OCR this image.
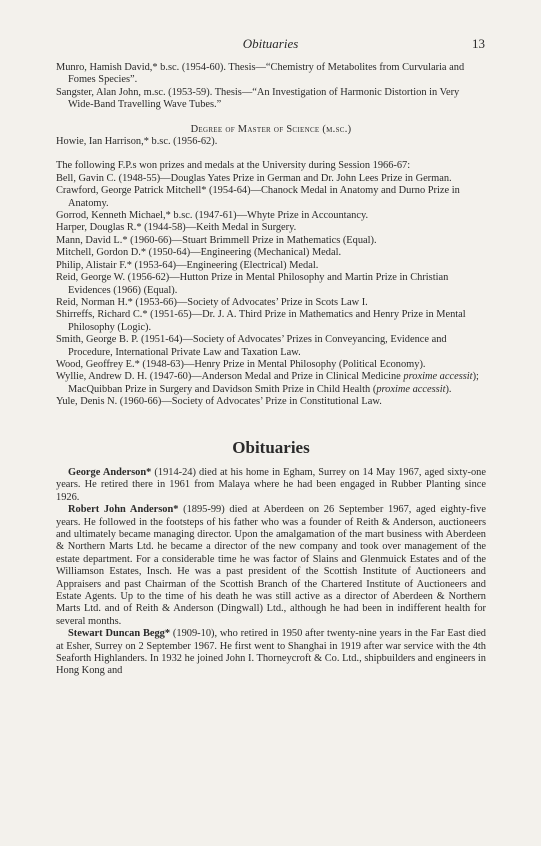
Obituaries	13

Munro, Hamish David,* b.sc. (1954-60). Thesis—“Chemistry of Metabolites from Curvularia and Fomes Species”.

Sangster, Alan John, m.sc. (1953-59). Thesis—“An Investigation of Harmonic Distortion in Very Wide-Band Travelling Wave Tubes.”

Degree of Master of Science (m.sc.)

Howie, Ian Harrison,* b.sc. (1956-62).

The following F.P.s won prizes and medals at the University during Session 1966-67:

Bell, Gavin C. (1948-55)—Douglas Yates Prize in German and Dr. John Lees Prize in German.

Crawford, George Patrick Mitchell* (1954-64)—Chanock Medal in Anatomy and Durno Prize in Anatomy.

Gorrod, Kenneth Michael,* b.sc. (1947-61)—Whyte Prize in Accountancy.

Harper, Douglas R.* (1944-58)—Keith Medal in Surgery.

Mann, David L.* (1960-66)—Stuart Brimmell Prize in Mathematics (Equal).

Mitchell, Gordon D.* (1950-64)—Engineering (Mechanical) Medal.

Philip, Alistair F.* (1953-64)—Engineering (Electrical) Medal.

Reid, George W. (1956-62)—Hutton Prize in Mental Philosophy and Martin Prize in Christian Evidences (1966) (Equal).

Reid, Norman H.* (1953-66)—Society of Advocates’ Prize in Scots Law I.

Shirreffs, Richard C.* (1951-65)—Dr. J. A. Third Prize in Mathematics and Henry Prize in Mental Philosophy (Logic).

Smith, George B. P. (1951-64)—Society of Advocates’ Prizes in Conveyancing, Evidence and Procedure, International Private Law and Taxation Law.

Wood, Geoffrey E.* (1948-63)—Henry Prize in Mental Philosophy (Political Economy).

Wyllie, Andrew D. H. (1947-60)—Anderson Medal and Prize in Clinical Medicine proxime accessit); MacQuibban Prize in Surgery and Davidson Smith Prize in Child Health (proxime accessit).

Yule, Denis N. (1960-66)—Society of Advocates’ Prize in Constitutional Law.

Obituaries

George Anderson* (1914-24) died at his home in Egham, Surrey on 14 May 1967, aged sixty-one years. He retired there in 1961 from Malaya where he had been engaged in Rubber Planting since 1926.

Robert John Anderson* (1895-99) died at Aberdeen on 26 September 1967, aged eighty-five years. He followed in the footsteps of his father who was a founder of Reith & Anderson, auctioneers and ultimately became managing director. Upon the amalgamation of the mart business with Aberdeen & Northern Marts Ltd. he became a director of the new company and took over management of the estate department. For a considerable time he was factor of Slains and Glenmuick Estates and of the Williamson Estates, Insch. He was a past president of the Scottish Institute of Auctioneers and Appraisers and past Chairman of the Scottish Branch of the Chartered Institute of Auctioneers and Estate Agents. Up to the time of his death he was still active as a director of Aberdeen & Northern Marts Ltd. and of Reith & Anderson (Dingwall) Ltd., although he had been in indifferent health for several months.

Stewart Duncan Begg* (1909-10), who retired in 1950 after twenty-nine years in the Far East died at Esher, Surrey on 2 September 1967. He first went to Shanghai in 1919 after war service with the 4th Seaforth Highlanders. In 1932 he joined John I. Thorneycroft & Co. Ltd., shipbuilders and engineers in Hong Kong and
